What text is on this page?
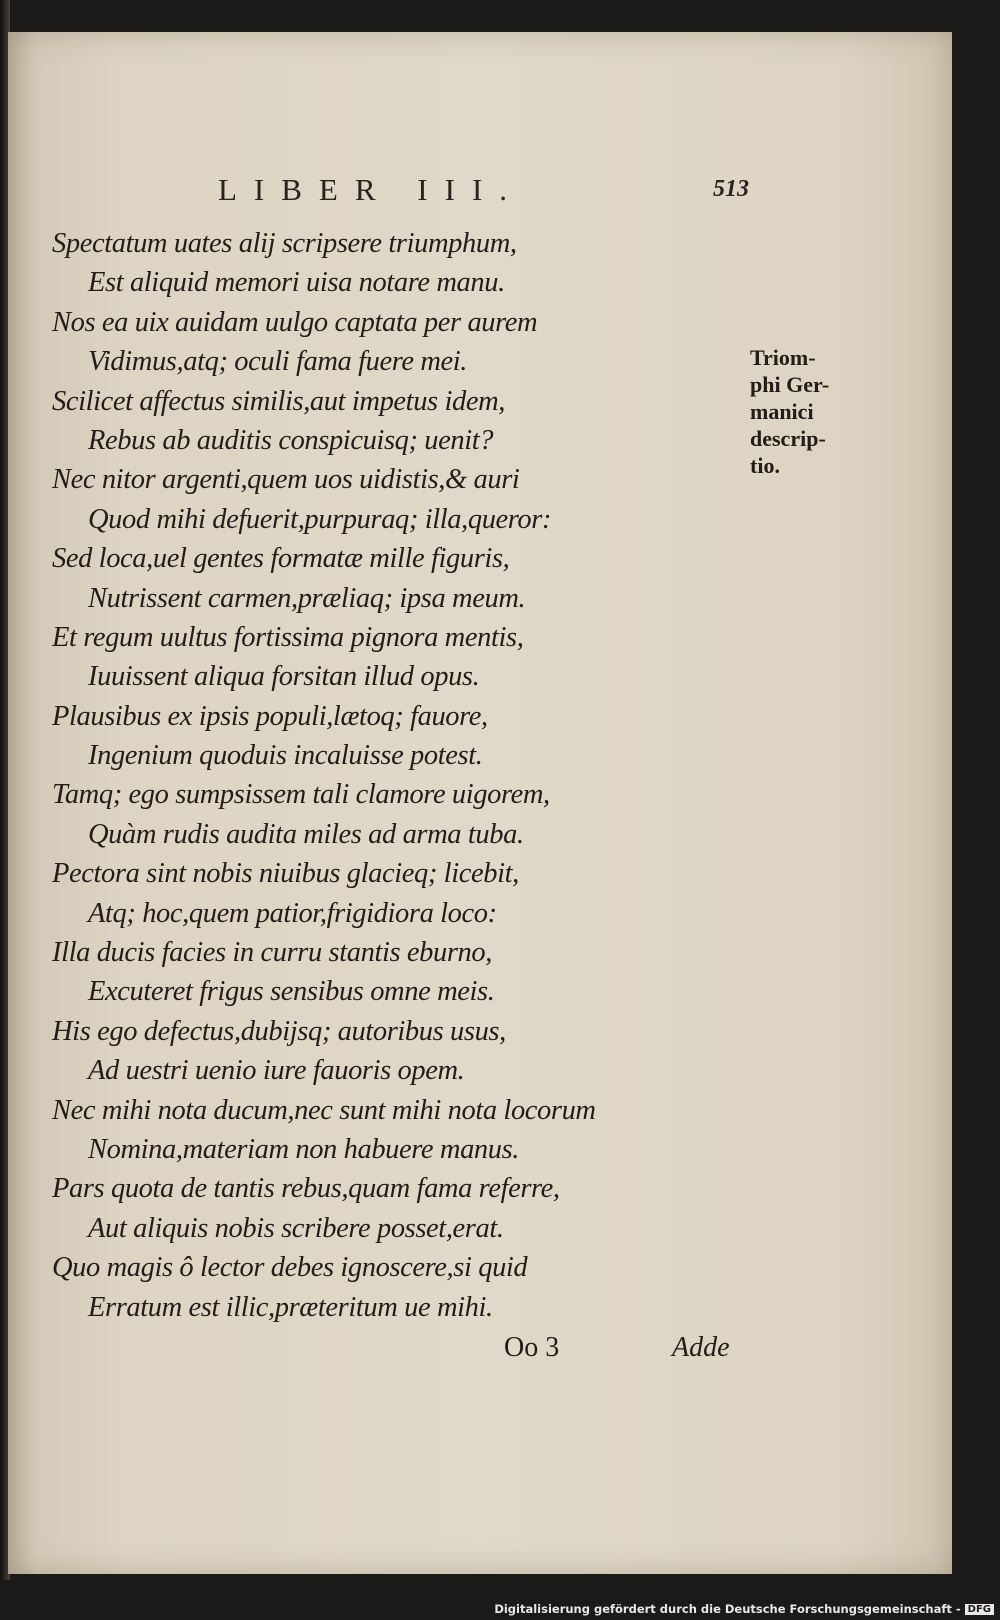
LIBER III.	513
Spectatum uates alij scripsere triumphum,
Est aliquid memori uisa notare manu.
Nos ea uix auidam uulgo captata per aurem
Vidimus,atq; oculi fama fuere mei.
Scilicet affectus similis,aut impetus idem,
Rebus ab auditis conspicuisq; uenit?
Nec nitor argenti,quem uos uidistis,& auri
Quod mihi defuerit,purpuraq; illa,queror:
Sed loca,uel gentes formatæ mille figuris,
Nutrissent carmen,præliaq; ipsa meum.
Et regum uultus fortissima pignora mentis,
Iuuissent aliqua forsitan illud opus.
Plausibus ex ipsis populi,lætoq; fauore,
Ingenium quoduis incaluisse potest.
Tamq; ego sumpsissem tali clamore uigorem,
Quàm rudis audita miles ad arma tuba.
Pectora sint nobis niuibus glacieq; licebit,
Atq; hoc,quem patior,frigidiora loco:
Illa ducis facies in curru stantis eburno,
Excuteret frigus sensibus omne meis.
His ego defectus,dubijsq; autoribus usus,
Ad uestri uenio iure fauoris opem.
Nec mihi nota ducum,nec sunt mihi nota locorum
Nomina,materiam non habuere manus.
Pars quota de tantis rebus,quam fama referre,
Aut aliquis nobis scribere posset,erat.
Quo magis ô lector debes ignoscere,si quid
Erratum est illic,præteritum ue mihi.
Triom-
phi Ger-
manici
descrip-
tio.
Oo 3	Adde
Digitalisierung gefördert durch die Deutsche Forschungsgemeinschaft - DFG
